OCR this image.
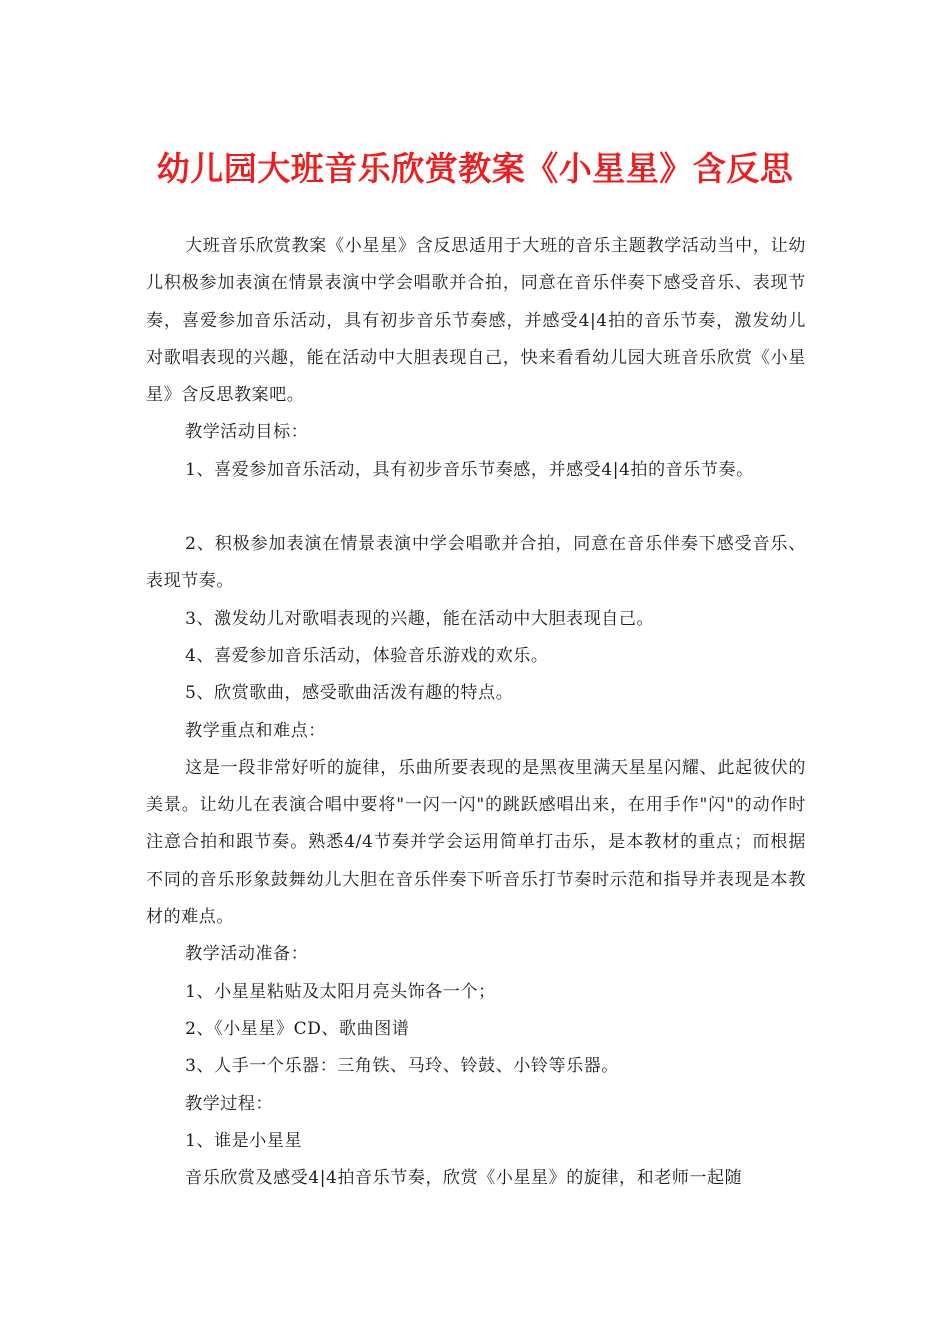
幼儿园大班音乐欣赏教案《小星星》含反思

大班音乐欣赏教案《小星星》含反思适用于大班的音乐主题教学活动当中，让幼儿积极参加表演在情景表演中学会唱歌并合拍，同意在音乐伴奏下感受音乐、表现节奏，喜爱参加音乐活动，具有初步音乐节奏感，并感受4|4拍的音乐节奏，激发幼儿对歌唱表现的兴趣，能在活动中大胆表现自己，快来看看幼儿园大班音乐欣赏《小星星》含反思教案吧。

教学活动目标：

1、喜爱参加音乐活动，具有初步音乐节奏感，并感受4|4拍的音乐节奏。

2、积极参加表演在情景表演中学会唱歌并合拍，同意在音乐伴奏下感受音乐、表现节奏。

3、激发幼儿对歌唱表现的兴趣，能在活动中大胆表现自己。

4、喜爱参加音乐活动，体验音乐游戏的欢乐。

5、欣赏歌曲，感受歌曲活泼有趣的特点。

教学重点和难点：

这是一段非常好听的旋律，乐曲所要表现的是黑夜里满天星星闪耀、此起彼伏的美景。让幼儿在表演合唱中要将"一闪一闪"的跳跃感唱出来，在用手作"闪"的动作时注意合拍和跟节奏。熟悉4/4节奏并学会运用简单打击乐，是本教材的重点；而根据不同的音乐形象鼓舞幼儿大胆在音乐伴奏下听音乐打节奏时示范和指导并表现是本教材的难点。

教学活动准备：

1、小星星粘贴及太阳月亮头饰各一个；

2、《小星星》CD、歌曲图谱

3、人手一个乐器：三角铁、马玲、铃鼓、小铃等乐器。

教学过程：

1、谁是小星星

音乐欣赏及感受4|4拍音乐节奏，欣赏《小星星》的旋律，和老师一起随
